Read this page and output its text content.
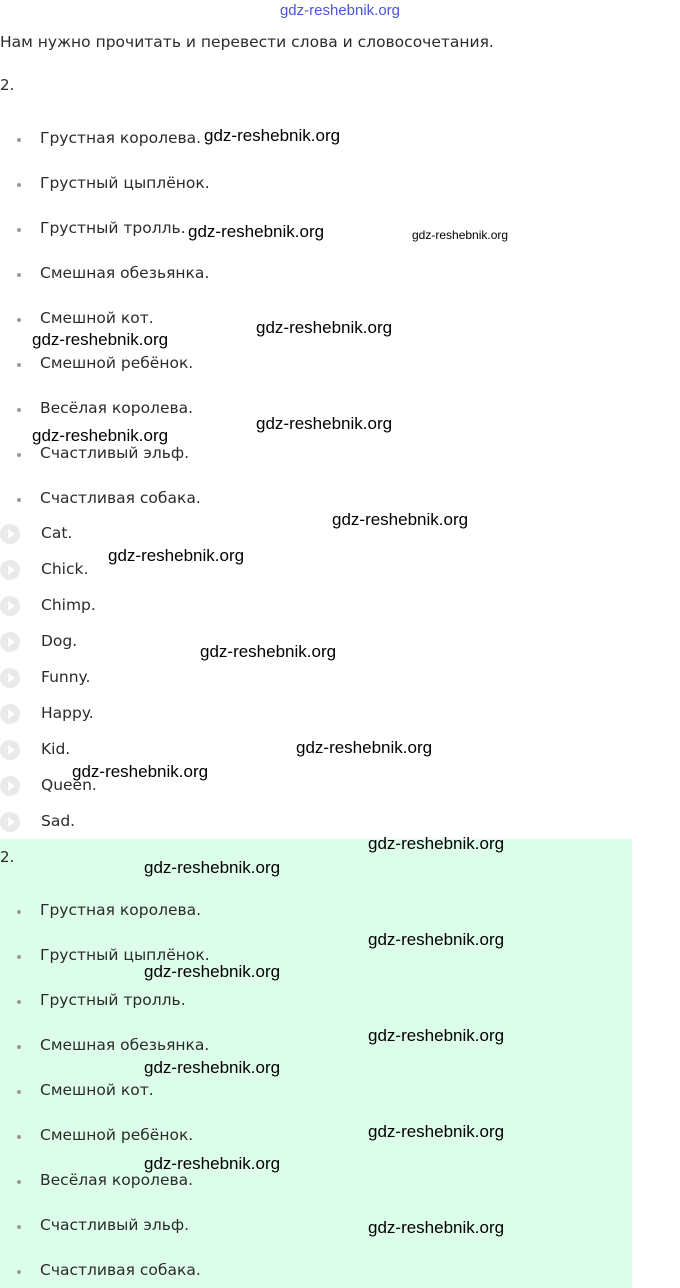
gdz-reshebnik.org
Нам нужно прочитать и перевести слова и словосочетания.
2.
Грустная королева.
Грустный цыплёнок.
Грустный тролль.
Смешная обезьянка.
Смешной кот.
Смешной ребёнок.
Весёлая королева.
Счастливый эльф.
Счастливая собака.
Cat.
Chick.
Chimp.
Dog.
Funny.
Happy.
Kid.
Queen.
Sad.
2.
Грустная королева.
Грустный цыплёнок.
Грустный тролль.
Смешная обезьянка.
Смешной кот.
Смешной ребёнок.
Весёлая королева.
Счастливый эльф.
Счастливая собака.
gdz-reshebnik.org
gdz-reshebnik.org	gdz-reshebnik.org
gdz-reshebnik.org
gdz-reshebnik.org
gdz-reshebnik.org
gdz-reshebnik.org
gdz-reshebnik.org
gdz-reshebnik.org
gdz-reshebnik.org
gdz-reshebnik.org
gdz-reshebnik.org
gdz-reshebnik.org
gdz-reshebnik.org
gdz-reshebnik.org
gdz-reshebnik.org
gdz-reshebnik.org
gdz-reshebnik.org
gdz-reshebnik.org
gdz-reshebnik.org
gdz-reshebnik.org
